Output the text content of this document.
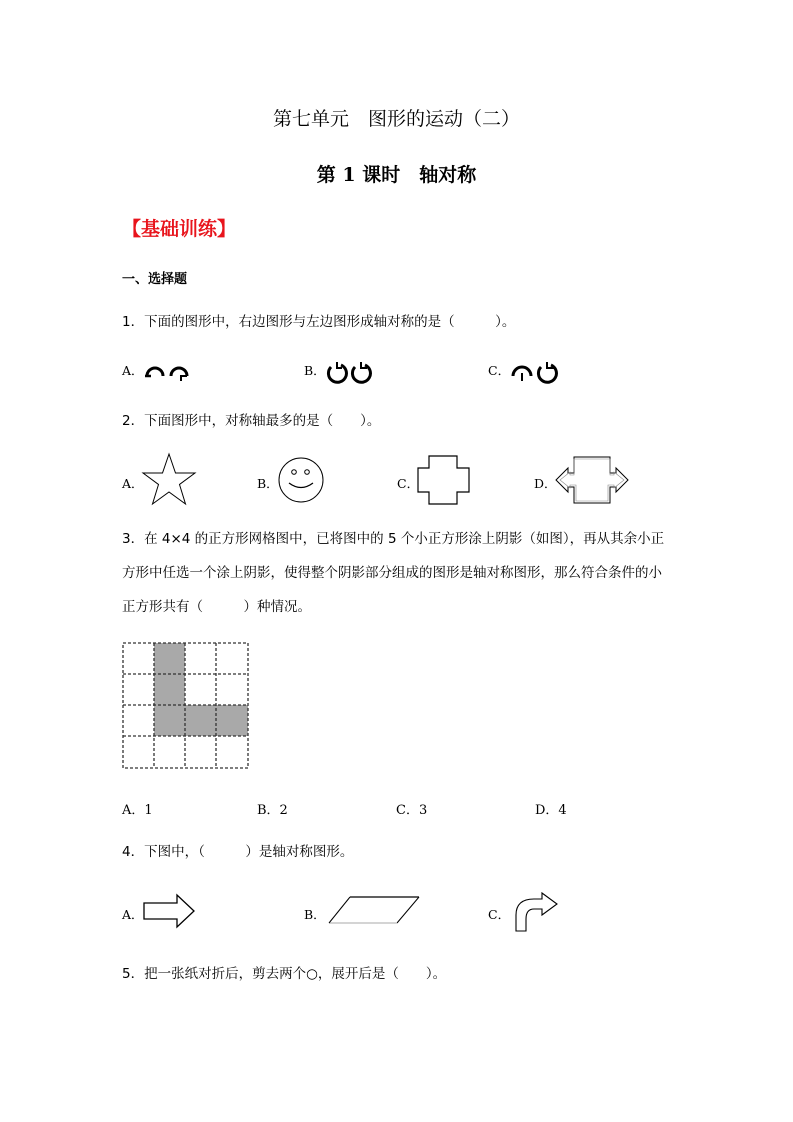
第七单元　图形的运动（二）
第 1 课时　轴对称
【基础训练】
一、选择题
1．下面的图形中，右边图形与左边图形成轴对称的是（　　　）。
A．	B．	C．
2．下面图形中，对称轴最多的是（　　）。
A．	B．	C．	D．
3．在 4×4 的正方形网格图中，已将图中的 5 个小正方形涂上阴影（如图），再从其余小正
方形中任选一个涂上阴影，使得整个阴影部分组成的图形是轴对称图形，那么符合条件的小
正方形共有（　　　）种情况。
A．1	B．2	C．3	D．4
4．下图中，（　　　）是轴对称图形。
A．	B．	C．
5．把一张纸对折后，剪去两个○，展开后是（　　）。
